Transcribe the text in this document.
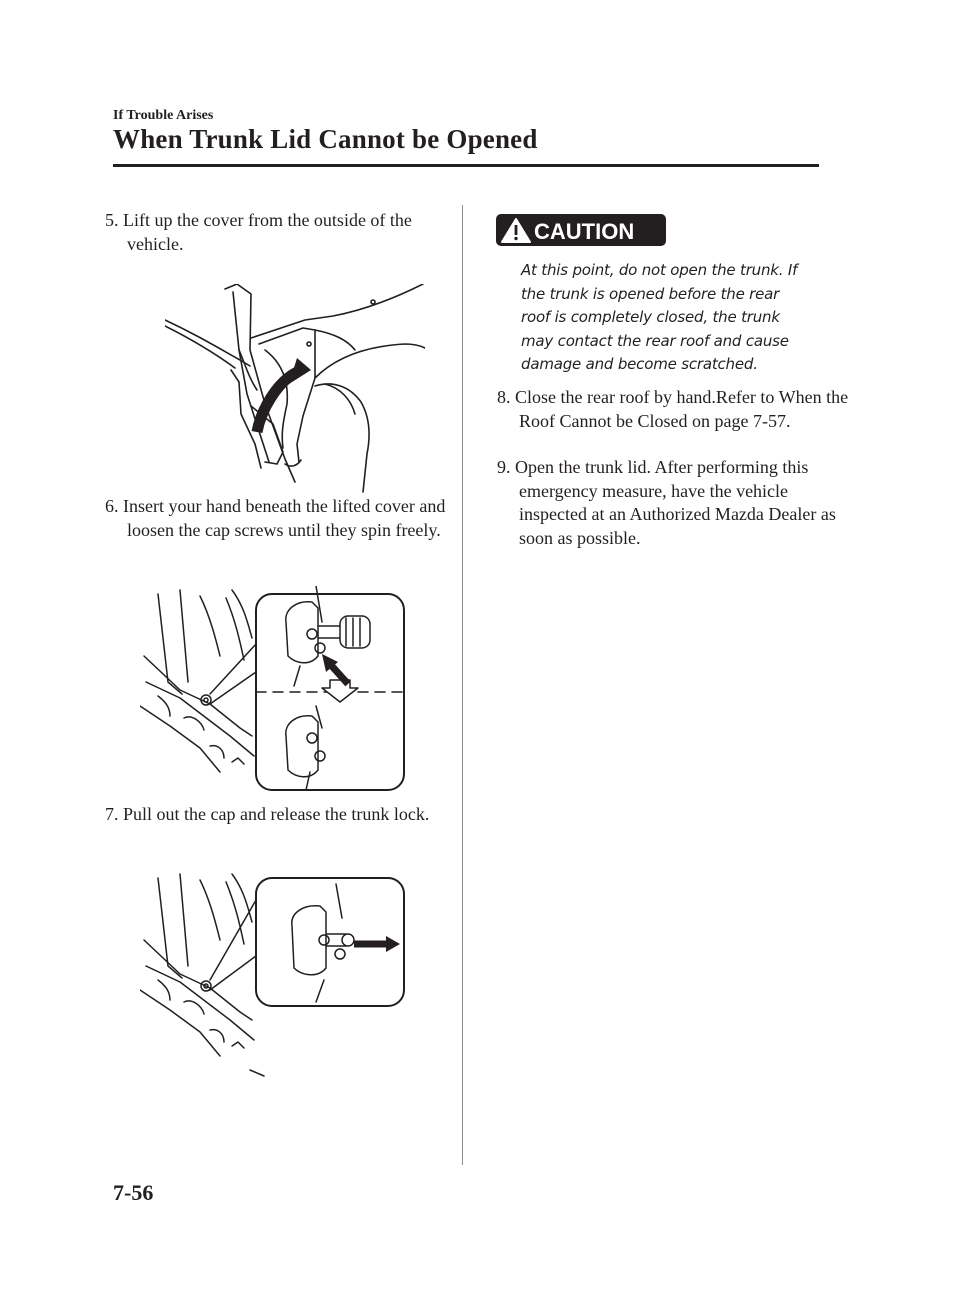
If Trouble Arises
When Trunk Lid Cannot be Opened
5. Lift up the cover from the outside of the vehicle.
6. Insert your hand beneath the lifted cover and loosen the cap screws until they spin freely.
7. Pull out the cap and release the trunk lock.
CAUTION
At this point, do not open the trunk. If the trunk is opened before the rear roof is completely closed, the trunk may contact the rear roof and cause damage and become scratched.
8. Close the rear roof by hand.Refer to When the Roof Cannot be Closed on page 7-57.
9. Open the trunk lid. After performing this emergency measure, have the vehicle inspected at an Authorized Mazda Dealer as soon as possible.
7-56
